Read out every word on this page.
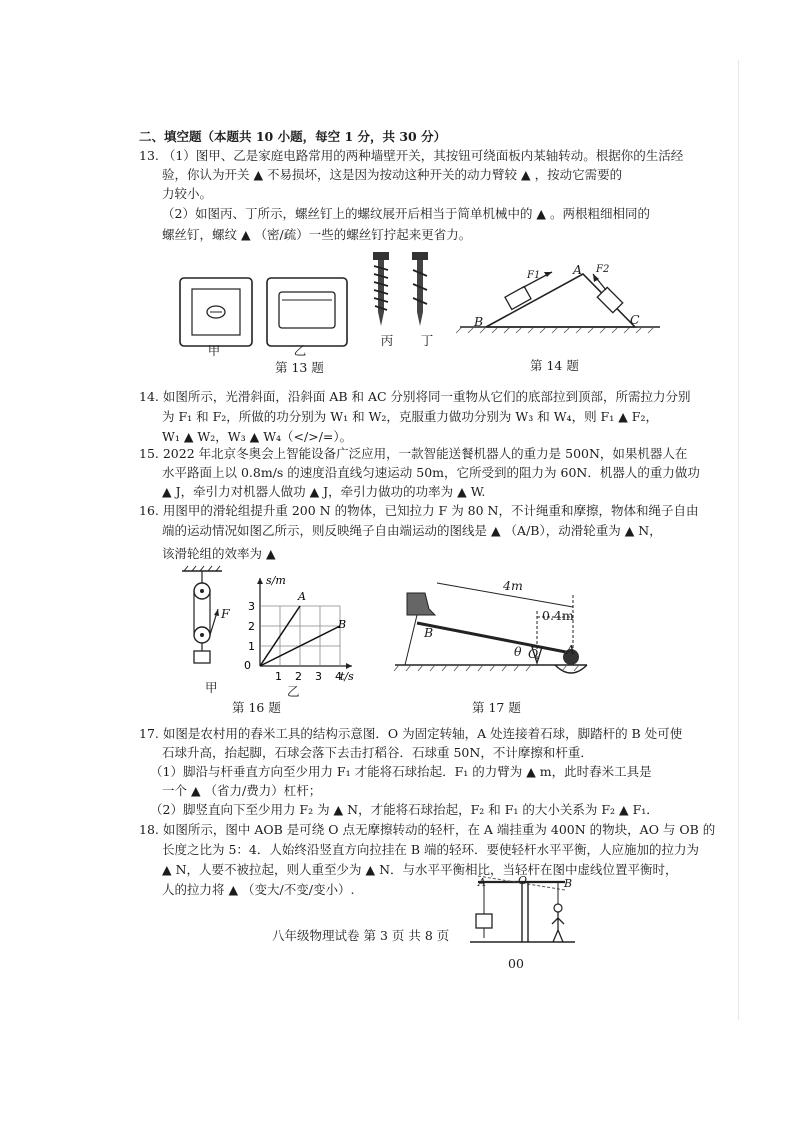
二、填空题（本题共 10 小题，每空 1 分，共 30 分）
13. （1）图甲、乙是家庭电路常用的两种墙壁开关，其按钮可绕面板内某轴转动。根据你的生活经
验，你认为开关 ▲ 不易损坏，这是因为按动这种开关的动力臂较 ▲ ，按动它需要的
力较小。
（2）如图丙、丁所示，螺丝钉上的螺纹展开后相当于简单机械中的 ▲ 。两根粗细相同的
螺丝钉，螺纹 ▲ （密/疏）一些的螺丝钉拧起来更省力。
甲	乙
丙	丁
第 13 题
B
A
C
F1
F2
第 14 题
14. 如图所示，光滑斜面，沿斜面 AB 和 AC 分别将同一重物从它们的底部拉到顶部，所需拉力分别
为 F₁ 和 F₂，所做的功分别为 W₁ 和 W₂，克服重力做功分别为 W₃ 和 W₄，则 F₁ ▲ F₂，
W₁ ▲ W₂，W₃ ▲ W₄（</>/=）。
15. 2022 年北京冬奥会上智能设备广泛应用，一款智能送餐机器人的重力是 500N，如果机器人在
水平路面上以 0.8m/s 的速度沿直线匀速运动 50m，它所受到的阻力为 60N．机器人的重力做功
▲ J，牵引力对机器人做功 ▲ J，牵引力做功的功率为 ▲ W.
16. 用图甲的滑轮组提升重 200 N 的物体，已知拉力 F 为 80 N，不计绳重和摩擦，物体和绳子自由
端的运动情况如图乙所示，则反映绳子自由端运动的图线是 ▲ （A/B），动滑轮重为 ▲ N，
该滑轮组的效率为 ▲
F
甲
0
1
2
3
1 2 3 4
s/m
t/s
A
B
乙
第 16 题
4m
0.4m
B
θ O A
第 17 题
17. 如图是农村用的舂米工具的结构示意图．O 为固定转轴，A 处连接着石球，脚踏杆的 B 处可使
石球升高，抬起脚，石球会落下去击打稻谷．石球重 50N，不计摩擦和杆重．
（1）脚沿与杆垂直方向至少用力 F₁ 才能将石球抬起．F₁ 的力臂为 ▲ m，此时舂米工具是
一个 ▲ （省力/费力）杠杆；
（2）脚竖直向下至少用力 F₂ 为 ▲ N，才能将石球抬起，F₂ 和 F₁ 的大小关系为 F₂ ▲ F₁．
18. 如图所示，图中 AOB 是可绕 O 点无摩擦转动的轻杆，在 A 端挂重为 400N 的物块，AO 与 OB 的
长度之比为 5：4．人始终沿竖直方向拉挂在 B 端的轻环．要使轻杆水平平衡，人应施加的拉力为
▲ N，人要不被拉起，则人重至少为 ▲ N．与水平平衡相比，当轻杆在图中虚线位置平衡时，
人的拉力将 ▲ （变大/不变/变小）.	A	O	B
八年级物理试卷 第 3 页 共 8 页
00
